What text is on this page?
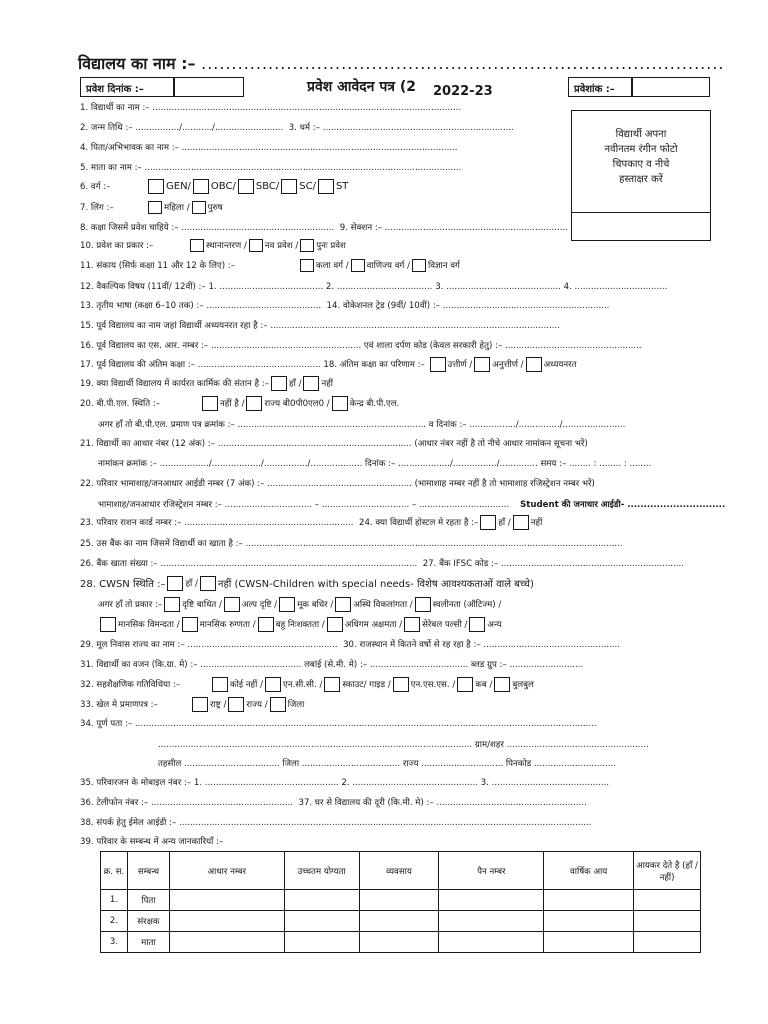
विद्यालय का नाम :– ......................................................................................
प्रवेश दिनांक :–	प्रवेश आवेदन पत्र (2 2022-23	प्रवेशांक :–
विद्यार्थी अपना
नवीनतम रंगीन फोटो
चिपकाए व नीचे
हस्ताक्षर करें
1. विद्यार्थी का नाम :– .................................................................................................................
2. जन्म तिथि :– ................/.........../.........................
3. धर्म :– ......................................................................
4. पिता/अभिभावक का नाम :– .....................................................................................................
5. माता का नाम :– ....................................................................................................................
6. वर्ग :–	GEN/ OBC/ SBC/ SC/ ST
7. लिंग :–	महिला / पुरुष
8. कक्षा जिसमें प्रवेश चाहिये :– ........................................................
9. सेक्शन :– ...................................................................
10. प्रवेश का प्रकार :–	स्थानान्तरण / नव प्रवेश / पुनः प्रवेश
11. संकाय (सिर्फ कक्षा 11 और 12 के लिए) :–	कला वर्ग / वाणिज्य वर्ग / विज्ञान वर्ग
12. वैकल्पिक विषय (11वीं/ 12वीं) :– 1. ...................................... 2. ................................... 3. .......................................... 4. ..................................
13. तृतीय भाषा (कक्षा 6–10 तक) :– ..........................................
14. वोकेशनल ट्रेड (9वीं/ 10वीं) :– .............................................................
15. पूर्व विद्यालय का नाम जहां विद्यार्थी अध्ययनरत रहा है :– ..........................................................................................................
16. पूर्व विद्यालय का एस. आर. नम्बर :– ....................................................... एवं शाला दर्पण कोड (केवल सरकारी हेतु) :– ..................................................
17. पूर्व विद्यालय की अंतिम कक्षा :– .............................................
18. अंतिम कक्षा का परिणाम :–
	उत्तीर्ण / अनुत्तीर्ण / अध्ययनरत
19. क्या विद्यार्थी विद्यालय में कार्यरत कार्मिक की संतान है :– हाँ / नहीं
20. बी.पी.एल. स्थिति :–	नहीं है / राज्य बी0पी0एल0 / केन्द्र बी.पी.एल.
अगर हाँ तो बी.पी.एल. प्रमाण पत्र क्रमांक :– ..................................................................... व दिनांक :– ................./.............../.......................
21. विद्यार्थी का आधार नंबर (12 अंक) :– ....................................................................... (आधार नंबर नहीं है तो नीचे आधार नामांकन सूचना भरें)
नामांकन क्रमांक :– ................../................../................/................... दिनांक :– .................../................/.............. समय :– ........ : ........ : ........
22. परिवार भामाशाह/जनआधार आईडी नम्बर (7 अंक) :– ..................................................... (भामाशाह नम्बर नहीं है तो भामाशाह रजिस्ट्रेशन नम्बर भरें)
भामाशाह/जनआधार रजिस्ट्रेशन नम्बर :– ................................ – ................................ – .................................
Student की जनाधार आईडी- ..............................
23. परिवार राशन कार्ड नम्बर :– ..............................................................
24. क्या विद्यार्थी होस्टल मे रहता है :– हाँ / नहीं
25. उस बैंक का नाम जिसमें विद्यार्थी का खाता है :– ..........................................................................................................................................
26. बैंक खाता संख्या :– ..............................................................................................
27. बैंक IFSC कोड :– ...................................................................
28. CWSN स्थिति :– हाँ / नहीं (CWSN-Children with special needs- विशेष आवश्यकताओं वाले बच्चे)
अगर हाँ तो प्रकार :– दृष्टि बाधित / अल्प दृष्टि / मूक बधिर / अस्थि विकलांगता / स्वलीनता (ऑटिज्म) /
मानसिक विमन्दता / मानसिक रुग्णता / बहु निःशक्तता / अधिगम अक्षमता / सेरेबल पल्सी / अन्य
29. मूल निवास राज्य का नाम :– .......................................................
30. राजस्थान में कितने वर्षो से रह रहा है :– ..................................................
31. विद्यार्थी का वजन (कि.ग्रा. मे) :– ..................................... लबांई (से.मी. मे) :– .................................... ब्लड ग्रुप :– ...........................
32. सहशैक्षणिक गतिविधिया :–	कोई नहीं / एन.सी.सी. / स्काउट/ गाइड / एन.एस.एस. / कब / बुलबुल
33. खेल मे प्रमाणपत्र :–	राष्ट्र / राज्य / जिला
34. पूर्ण पता :– .........................................................................................................................................................................
................................................................................................................... ग्राम/शहर ....................................................
तहसील ................................... जिला .................................... राज्य .............................. पिनकोड ..............................
35. परिवारजन के मोबाइल नंबर :– 1. ................................................. 2. .............................................. 3. ...........................................
36. टेलीफोन नंबर :– ....................................................
37. घर से विद्यालय की दूरी (कि.मी. मे) :– .......................................................
38. संपर्क हेतु ईमेल आईडी :– .......................................................................................................................................................
39. परिवार के सम्बन्ध में अन्य जानकारियॉं :–
क्र. स.	सम्बन्ध	आधार नम्बर	उच्चतम योग्यता	व्यवसाय	पैन नम्बर	वार्षिक आय	आयकर देते है (हॉं / नहीं)
1.	पिता						
2.	संरक्षक						
3.	माता						
